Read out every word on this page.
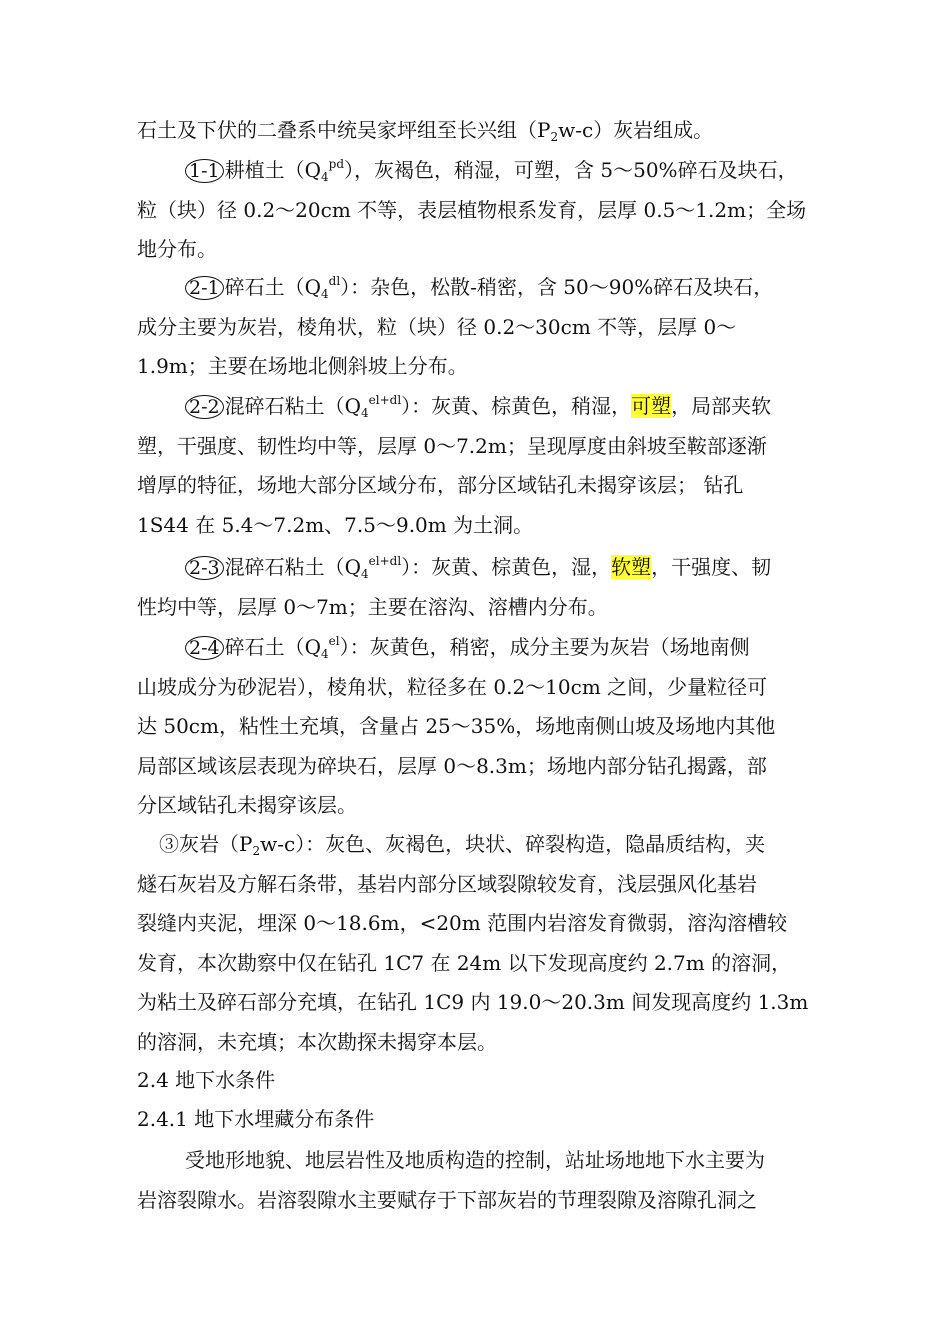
石土及下伏的二叠系中统吴家坪组至长兴组$(P_2w-c)$灰岩组成。
1-1 耕植土$(Q_4^{pd})$，灰褐色，稍湿，可塑，含 5～50%碎石及块石，
粒（块）径 0.2～20cm 不等，表层植物根系发育，层厚 0.5～1.2m；全场
地分布。
2-1 碎石土$(Q_4^{dl})$：杂色，松散-稍密，含 50～90%碎石及块石，
成分主要为灰岩，棱角状，粒（块）径 0.2～30cm 不等，层厚 0～
1.9m；主要在场地北侧斜坡上分布。
2-2 混碎石粘土$(Q_4^{el+dl})$：灰黄、棕黄色，稍湿，可塑，局部夹软
塑，干强度、韧性均中等，层厚 0～7.2m；呈现厚度由斜坡至鞍部逐渐
增厚的特征，场地大部分区域分布，部分区域钻孔未揭穿该层； 钻孔
1S44 在 5.4～7.2m、7.5～9.0m 为土洞。
2-3 混碎石粘土$(Q_4^{el+dl})$：灰黄、棕黄色，湿，软塑，干强度、韧
性均中等，层厚 0～7m；主要在溶沟、溶槽内分布。
2-4 碎石土$(Q_4^{el})$：灰黄色，稍密，成分主要为灰岩（场地南侧
山坡成分为砂泥岩），棱角状，粒径多在 0.2～10cm 之间，少量粒径可
达 50cm，粘性土充填，含量占 25～35%，场地南侧山坡及场地内其他
局部区域该层表现为碎块石，层厚 0～8.3m；场地内部分钻孔揭露，部
分区域钻孔未揭穿该层。
③灰岩$(P_2w-c)$：灰色、灰褐色，块状、碎裂构造，隐晶质结构，夹
燧石灰岩及方解石条带，基岩内部分区域裂隙较发育，浅层强风化基岩
裂缝内夹泥，埋深 0～18.6m，<20m 范围内岩溶发育微弱，溶沟溶槽较
发育，本次勘察中仅在钻孔 1C7 在 24m 以下发现高度约 2.7m 的溶洞，
为粘土及碎石部分充填，在钻孔 1C9 内 19.0～20.3m 间发现高度约 1.3m
的溶洞，未充填；本次勘探未揭穿本层。
2.4 地下水条件
2.4.1 地下水埋藏分布条件
受地形地貌、地层岩性及地质构造的控制，站址场地地下水主要为
岩溶裂隙水。岩溶裂隙水主要赋存于下部灰岩的节理裂隙及溶隙孔洞之
